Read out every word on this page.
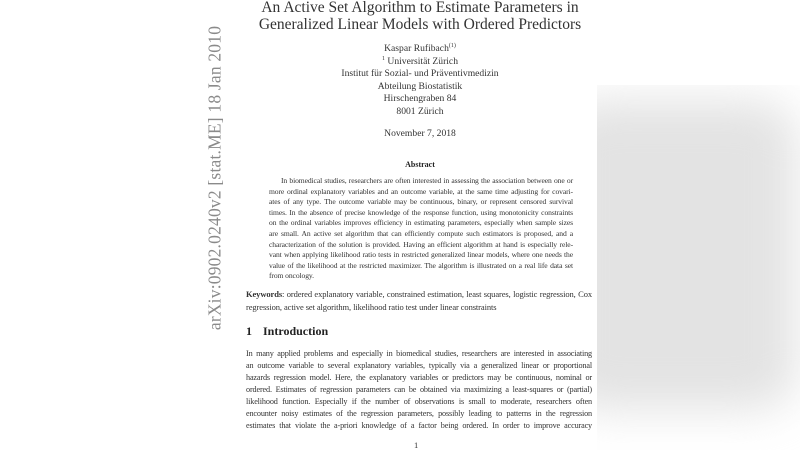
arXiv:0902.0240v2 [stat.ME] 18 Jan 2010
An Active Set Algorithm to Estimate Parameters in
Generalized Linear Models with Ordered Predictors
Kaspar Rufibach$^{(1)}$
$^1$ Universität Zürich
Institut für Sozial- und Präventivmedizin
Abteilung Biostatistik
Hirschengraben 84
8001 Zürich
November 7, 2018
Abstract
In biomedical studies, researchers are often interested in assessing the association between one or
more ordinal explanatory variables and an outcome variable, at the same time adjusting for covari-
ates of any type. The outcome variable may be continuous, binary, or represent censored survival
times. In the absence of precise knowledge of the response function, using monotonicity constraints
on the ordinal variables improves efficiency in estimating parameters, especially when sample sizes
are small. An active set algorithm that can efficiently compute such estimators is proposed, and a
characterization of the solution is provided. Having an efficient algorithm at hand is especially rele-
vant when applying likelihood ratio tests in restricted generalized linear models, where one needs the
value of the likelihood at the restricted maximizer. The algorithm is illustrated on a real life data set
from oncology.
Keywords: ordered explanatory variable, constrained estimation, least squares, logistic regression, Cox
regression, active set algorithm, likelihood ratio test under linear constraints
1 Introduction
In many applied problems and especially in biomedical studies, researchers are interested in associating
an outcome variable to several explanatory variables, typically via a generalized linear or proportional
hazards regression model. Here, the explanatory variables or predictors may be continuous, nominal or
ordered. Estimates of regression parameters can be obtained via maximizing a least-squares or (partial)
likelihood function. Especially if the number of observations is small to moderate, researchers often
encounter noisy estimates of the regression parameters, possibly leading to patterns in the regression
estimates that violate the a-priori knowledge of a factor being ordered. In order to improve accuracy
1
